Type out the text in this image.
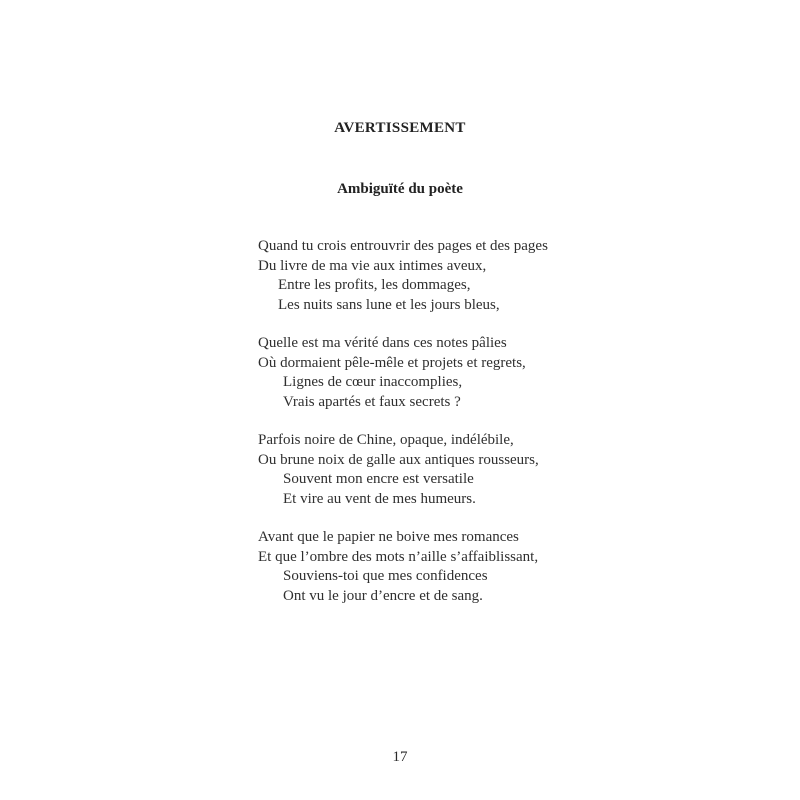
AVERTISSEMENT
Ambiguïté du poète
Quand tu crois entrouvrir des pages et des pages
Du livre de ma vie aux intimes aveux,
Entre les profits, les dommages,
Les nuits sans lune et les jours bleus,
Quelle est ma vérité dans ces notes pâlies
Où dormaient pêle-mêle et projets et regrets,
Lignes de cœur inaccomplies,
Vrais apartés et faux secrets ?
Parfois noire de Chine, opaque, indélébile,
Ou brune noix de galle aux antiques rousseurs,
Souvent mon encre est versatile
Et vire au vent de mes humeurs.
Avant que le papier ne boive mes romances
Et que l’ombre des mots n’aille s’affaiblissant,
Souviens-toi que mes confidences
Ont vu le jour d’encre et de sang.
17
